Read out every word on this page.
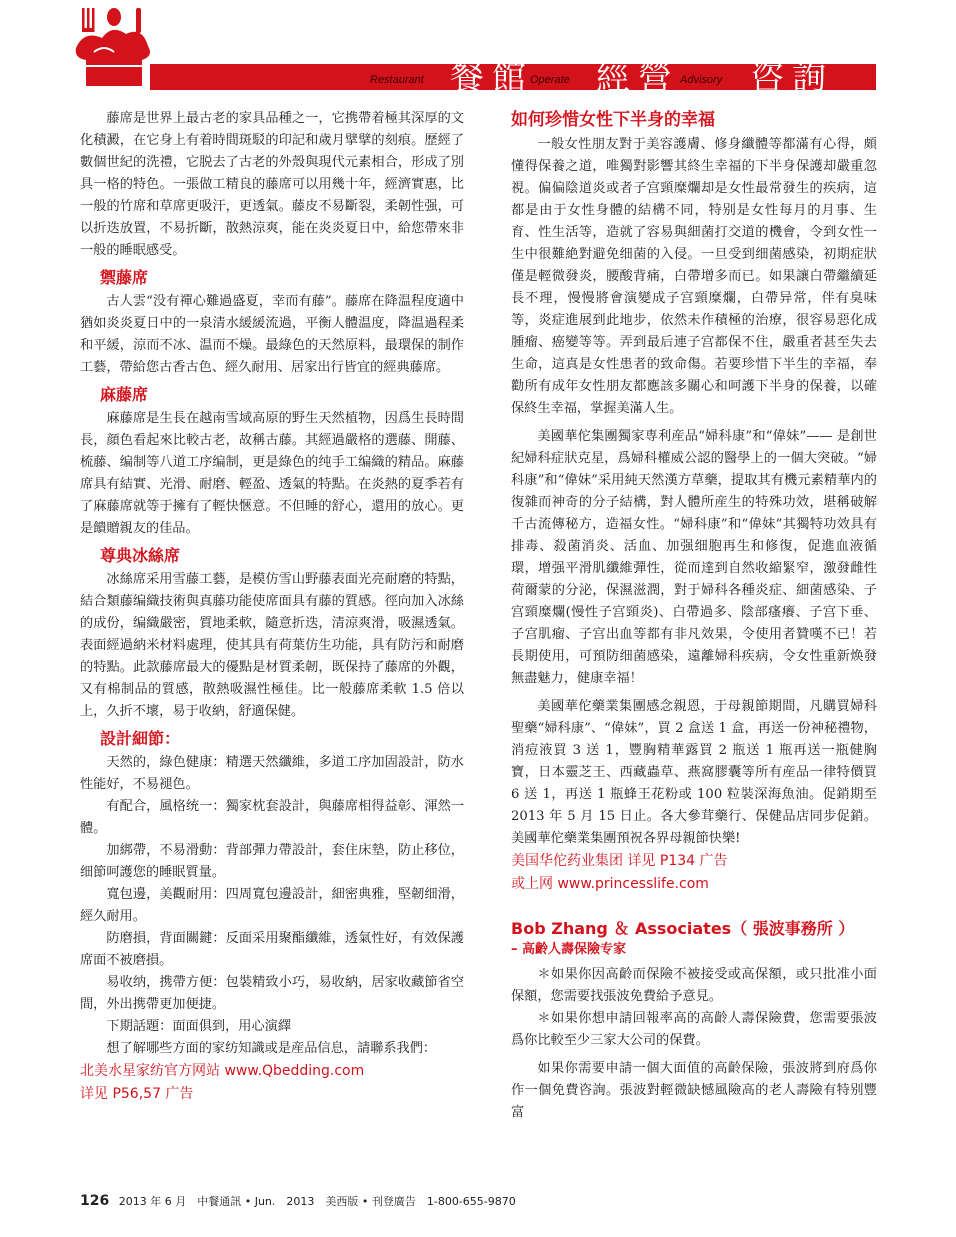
Restaurant 餐館
Operate 經營 Advisory 咨詢

藤席是世界上最古老的家具品種之一，它携帶着極其深厚的文化積澱，在它身上有着時間斑駁的印記和歲月擘擘的刻痕。歷經了數個世紀的洗禮，它脱去了古老的外殼與現代元素相合，形成了別具一格的特色。一張做工精良的藤席可以用幾十年，經濟實惠，比一般的竹席和草席更吸汗，更透氣。藤皮不易斷裂，柔韌性强，可以折迭放置，不易折斷，散熱涼爽，能在炎炎夏日中，給您帶來非一般的睡眠感受。

禦藤席

古人雲“没有禪心難過盛夏，幸而有藤”。藤席在降温程度適中猶如炎炎夏日中的一泉清水緩緩流過，平衡人體温度，降温過程柔和平緩，涼而不冰、温而不燥。最綠色的天然原料，最環保的制作工藝，帶給您古香古色、經久耐用、居家出行皆宜的經典藤席。

麻藤席

麻藤席是生長在越南雪域高原的野生天然植物，因爲生長時間長，顔色看起來比較古老，故稱古藤。其經過嚴格的選藤、開藤、梳藤、编制等八道工序编制，更是綠色的纯手工编織的精品。麻藤席具有結實、光滑、耐磨、輕盈、透氣的特點。在炎熱的夏季若有了麻藤席就等于擁有了輕快愜意。不但睡的舒心，還用的放心。更是饋贈親友的佳品。

尊典冰絲席

冰絲席采用雪藤工藝，是模仿雪山野藤表面光亮耐磨的特點，結合類藤编織技術與真藤功能使席面具有藤的質感。徑向加入冰絲的成份，编織嚴密，質地柔軟，隨意折迭，清涼爽滑，吸濕透氣。表面經過納米材料處理，使其具有荷葉仿生功能，具有防污和耐磨的特點。此款藤席最大的優點是材質柔韌，既保持了藤席的外觀，又有棉制品的質感，散熱吸濕性極佳。比一般藤席柔軟 1.5 倍以上，久折不壞，易于收納，舒適保健。

設計細節：

天然的，綠色健康：精選天然纖維，多道工序加固設計，防水性能好，不易褪色。

有配合，風格统一：獨家枕套設計，與藤席相得益彰、渾然一體。

加綁帶，不易滑動：背部彈力帶設計，套住床墊，防止移位，细節呵護您的睡眠質量。

寬包邊，美觀耐用：四周寬包邊設計，細密典雅，堅韌细滑，經久耐用。

防磨損，背面關鍵：反面采用聚酯纖維，透氣性好，有效保護席面不被磨損。

易收纳，携帶方便：包裝精致小巧，易收納，居家收藏節省空間，外出携帶更加便捷。

下期話題：面面俱到，用心演繹

想了解哪些方面的家纺知識或是産品信息，請聯系我們：

北美水星家纺官方网站 www.Qbedding.com
详见 P56,57 广告
如何珍惜女性下半身的幸福

一般女性朋友對于美容護膚、修身纖體等都滿有心得，頗懂得保養之道，唯獨對影響其終生幸福的下半身保護却嚴重忽視。偏偏陰道炎或者子宫頸糜爛却是女性最常發生的疾病，這都是由于女性身體的結構不同，特别是女性每月的月事、生育、性生活等，造就了容易與細菌打交道的機會，令到女性一生中很難絶對避免细菌的入侵。一旦受到细菌感染，初期症狀僅是輕微發炎，腰酸背痛，白帶增多而已。如果讓白帶繼續延長不理，慢慢將會演變成子宫頸糜爛，白帶异常，伴有臭味等，炎症進展到此地步，依然未作積極的治療，很容易惡化成腫瘤、癌變等等。弄到最后連子宫都保不住，嚴重者甚至失去生命，這真是女性患者的致命傷。若要珍惜下半生的幸福，奉勸所有成年女性朋友都應該多關心和呵護下半身的保養，以確保終生幸福，掌握美滿人生。

美國華佗集團獨家専利産品“婦科康”和“偉妹”—— 是創世紀婦科症狀克星，爲婦科權威公認的醫學上的一個大突破。“婦科康”和“偉妹”采用純天然漢方草藥，提取其有機元素精華内的復雜而神奇的分子結構，對人體所産生的特殊功效，堪稱破解千古流傳秘方，造福女性。“婦科康”和“偉妹”其獨特功效具有排毒、殺菌消炎、活血、加强细胞再生和修復，促進血液循環，增强平滑肌纖維彈性，從而達到自然收縮緊窄，激發雌性荷爾蒙的分泌，保濕滋潤，對于婦科各種炎症、細菌感染、子宫頸糜爛(慢性子宫頸炎)、白帶過多、陰部瘙癢、子宫下垂、子宫肌瘤、子宫出血等都有非凡效果，令使用者贊嘆不已！若長期使用，可預防细菌感染，遠離婦科疾病，令女性重新焕發無盡魅力，健康幸福！

美國華佗藥業集團感念親恩，于母親節期間，凡購買婦科聖藥“婦科康”、“偉妹”，買 2 盒送 1 盒，再送一份神秘禮物，消痘液買 3 送 1，豐胸精華露買 2 瓶送 1 瓶再送一瓶健胸寶，日本靈芝王、西藏蟲草、燕窩膠囊等所有産品一律特價買 6 送 1，再送 1 瓶蜂王花粉或 100 粒裝深海魚油。促銷期至 2013 年 5 月 15 日止。各大參茸藥行、保健品店同步促銷。美國華佗藥業集團預祝各界母親節快樂!

美国华佗药业集团 详见 P134 广告
或上网 www.princesslife.com
Bob Zhang ＆ Associates（ 張波事務所 ）
– 高齡人壽保險专家

＊如果你因高齡而保險不被接受或高保額，或只批准小面保額，您需要找張波免費給予意見。

＊如果你想申請回報率高的高齡人壽保險費，您需要張波爲你比較至少三家大公司的保費。

如果你需要申請一個大面值的高齡保險，張波將到府爲你作一個免費咨詢。張波對輕微缺憾風險高的老人壽險有特别豐富

126 2013 年 6 月　中餐通訊 • Jun.　2013　美西版 • 刊登廣告　1-800-655-9870
